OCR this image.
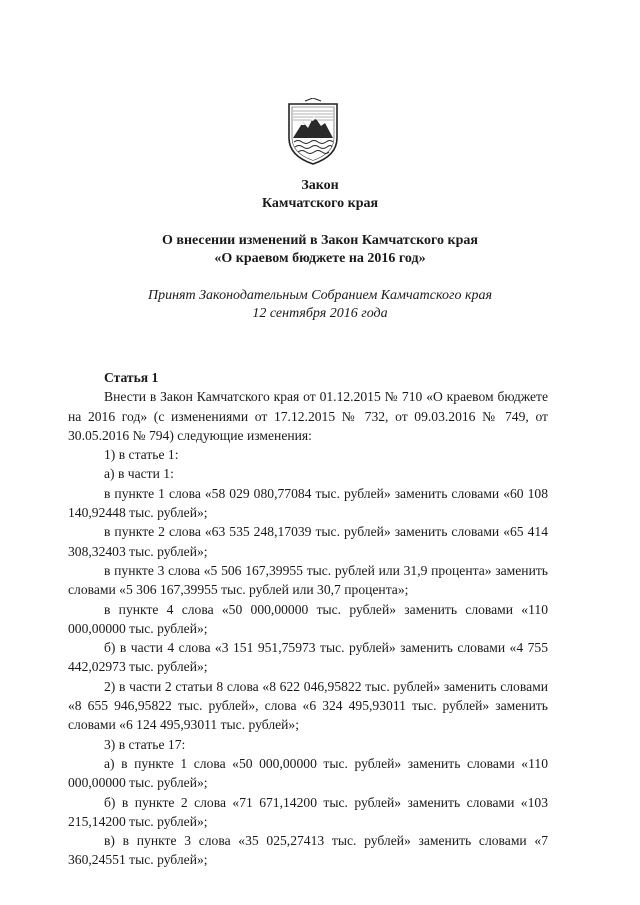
Закон
Камчатского края
О внесении изменений в Закон Камчатского края
«О краевом бюджете на 2016 год»
Принят Законодательным Собранием Камчатского края
12 сентября 2016 года

Статья 1

Внести в Закон Камчатского края от 01.12.2015 № 710 «О краевом бюджете на 2016 год» (с изменениями от 17.12.2015 № 732, от 09.03.2016 № 749, от 30.05.2016 № 794) следующие изменения:

1) в статье 1:

а) в части 1:

в пункте 1 слова «58 029 080,77084 тыс. рублей» заменить словами «60 108 140,92448 тыс. рублей»;

в пункте 2 слова «63 535 248,17039 тыс. рублей» заменить словами «65 414 308,32403 тыс. рублей»;

в пункте 3 слова «5 506 167,39955 тыс. рублей или 31,9 процента» заменить словами «5 306 167,39955 тыс. рублей или 30,7 процента»;

в пункте 4 слова «50 000,00000 тыс. рублей» заменить словами «110 000,00000 тыс. рублей»;

б) в части 4 слова «3 151 951,75973 тыс. рублей» заменить словами «4 755 442,02973 тыс. рублей»;

2) в части 2 статьи 8 слова «8 622 046,95822 тыс. рублей» заменить словами «8 655 946,95822 тыс. рублей», слова «6 324 495,93011 тыс. рублей» заменить словами «6 124 495,93011 тыс. рублей»;

3) в статье 17:

а) в пункте 1 слова «50 000,00000 тыс. рублей» заменить словами «110 000,00000 тыс. рублей»;

б) в пункте 2 слова «71 671,14200 тыс. рублей» заменить словами «103 215,14200 тыс. рублей»;

в) в пункте 3 слова «35 025,27413 тыс. рублей» заменить словами «7 360,24551 тыс. рублей»;
